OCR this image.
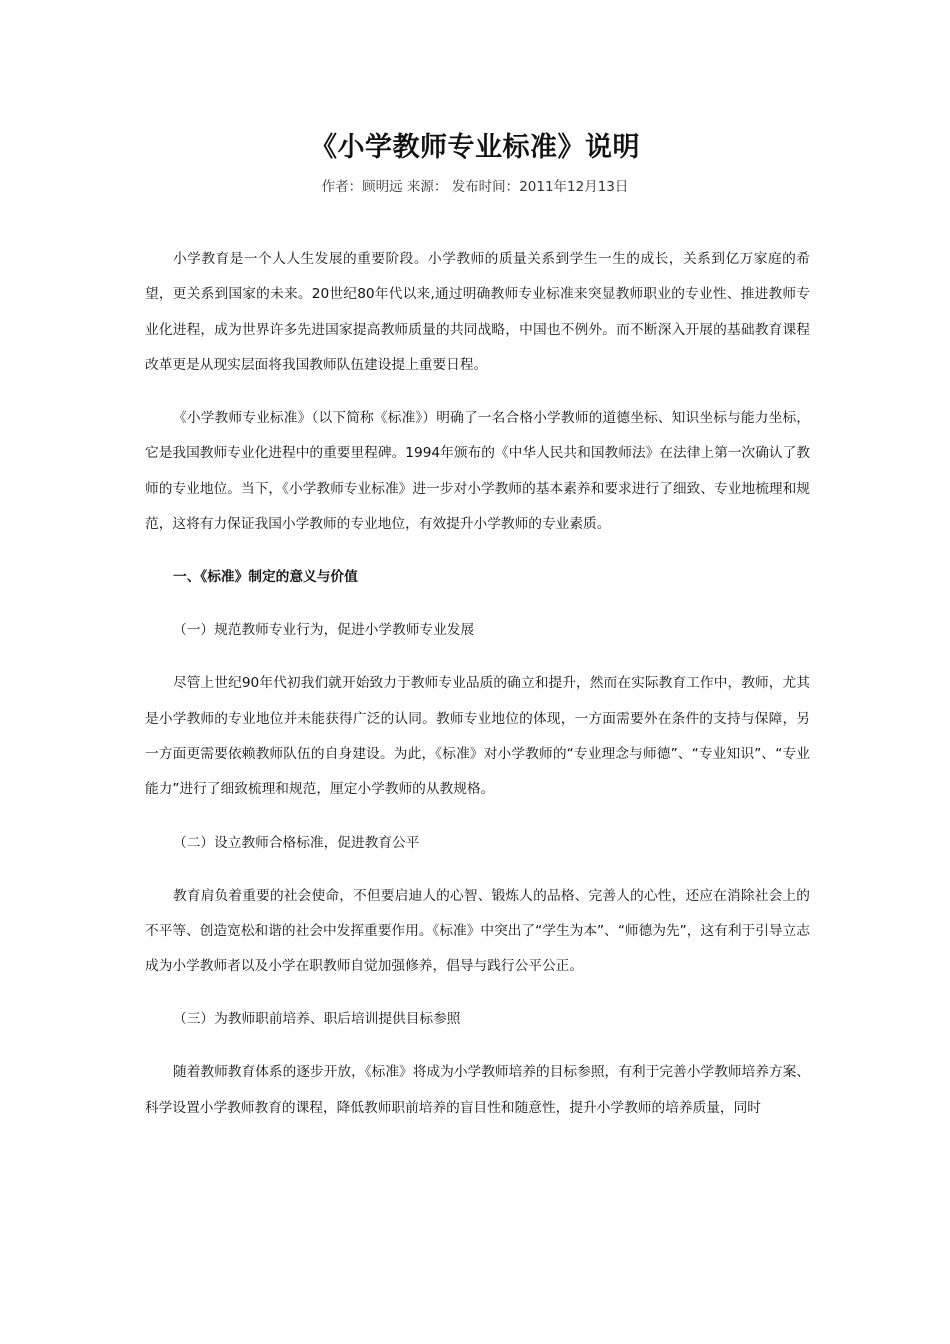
《小学教师专业标准》说明
作者：顾明远 来源： 发布时间：2011年12月13日

小学教育是一个人人生发展的重要阶段。小学教师的质量关系到学生一生的成长，关系到亿万家庭的希望，更关系到国家的未来。20世纪80年代以来,通过明确教师专业标准来突显教师职业的专业性、推进教师专业化进程，成为世界许多先进国家提高教师质量的共同战略，中国也不例外。而不断深入开展的基础教育课程改革更是从现实层面将我国教师队伍建设提上重要日程。

《小学教师专业标准》（以下简称《标准》）明确了一名合格小学教师的道德坐标、知识坐标与能力坐标，它是我国教师专业化进程中的重要里程碑。1994年颁布的《中华人民共和国教师法》在法律上第一次确认了教师的专业地位。当下，《小学教师专业标准》进一步对小学教师的基本素养和要求进行了细致、专业地梳理和规范，这将有力保证我国小学教师的专业地位，有效提升小学教师的专业素质。

一、《标准》制定的意义与价值
（一）规范教师专业行为，促进小学教师专业发展

尽管上世纪90年代初我们就开始致力于教师专业品质的确立和提升，然而在实际教育工作中，教师，尤其是小学教师的专业地位并未能获得广泛的认同。教师专业地位的体现，一方面需要外在条件的支持与保障，另一方面更需要依赖教师队伍的自身建设。为此，《标准》对小学教师的“专业理念与师德”、“专业知识”、“专业能力”进行了细致梳理和规范，厘定小学教师的从教规格。

（二）设立教师合格标准，促进教育公平

教育肩负着重要的社会使命，不但要启迪人的心智、锻炼人的品格、完善人的心性，还应在消除社会上的不平等、创造宽松和谐的社会中发挥重要作用。《标准》中突出了“学生为本”、“师德为先”，这有利于引导立志成为小学教师者以及小学在职教师自觉加强修养，倡导与践行公平公正。

（三）为教师职前培养、职后培训提供目标参照

随着教师教育体系的逐步开放，《标准》将成为小学教师培养的目标参照，有利于完善小学教师培养方案、科学设置小学教师教育的课程，降低教师职前培养的盲目性和随意性，提升小学教师的培养质量，同时
